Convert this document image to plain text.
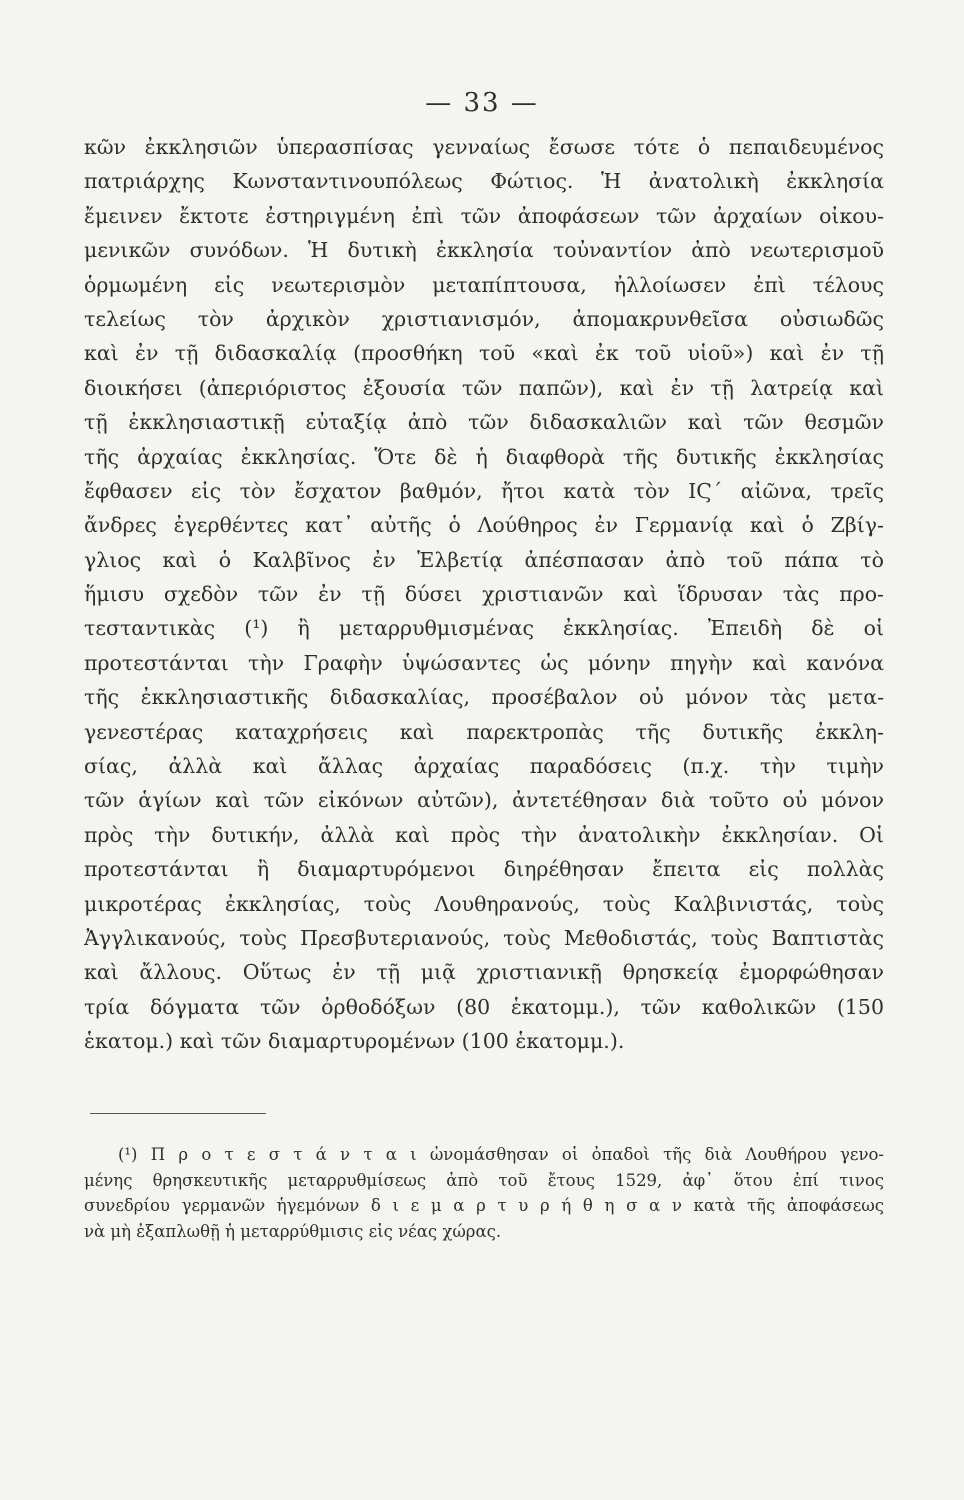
— 33 —
κῶν ἐκκλησιῶν ὑπερασπίσας γενναίως ἔσωσε τότε ὁ πεπαιδευμένος
πατριάρχης Κωνσταντινουπόλεως Φώτιος. Ἡ ἀνατολικὴ ἐκκλησία
ἔμεινεν ἔκτοτε ἐστηριγμένη ἐπὶ τῶν ἀποφάσεων τῶν ἀρχαίων οἰκου-
μενικῶν συνόδων. Ἡ δυτικὴ ἐκκλησία τοὐναντίον ἀπὸ νεωτερισμοῦ
ὁρμωμένη εἰς νεωτερισμὸν μεταπίπτουσα, ἠλλοίωσεν ἐπὶ τέλους
τελείως τὸν ἀρχικὸν χριστιανισμόν, ἀπομακρυνθεῖσα οὐσιωδῶς
καὶ ἐν τῇ διδασκαλίᾳ (προσθήκη τοῦ «καὶ ἐκ τοῦ υἱοῦ») καὶ ἐν τῇ
διοικήσει (ἀπεριόριστος ἐξουσία τῶν παπῶν), καὶ ἐν τῇ λατρείᾳ καὶ
τῇ ἐκκλησιαστικῇ εὐταξίᾳ ἀπὸ τῶν διδασκαλιῶν καὶ τῶν θεσμῶν
τῆς ἀρχαίας ἐκκλησίας. Ὅτε δὲ ἡ διαφθορὰ τῆς δυτικῆς ἐκκλησίας
ἔφθασεν εἰς τὸν ἔσχατον βαθμόν, ἤτοι κατὰ τὸν ΙϚ΄ αἰῶνα, τρεῖς
ἄνδρες ἐγερθέντες κατ᾿ αὐτῆς ὁ Λούθηρος ἐν Γερμανίᾳ καὶ ὁ Ζβίγ-
γλιος καὶ ὁ Καλβῖνος ἐν Ἑλβετίᾳ ἀπέσπασαν ἀπὸ τοῦ πάπα τὸ
ἥμισυ σχεδὸν τῶν ἐν τῇ δύσει χριστιανῶν καὶ ἵδρυσαν τὰς προ-
τεσταντικὰς (¹) ἢ μεταρρυθμισμένας ἐκκλησίας. Ἐπειδὴ δὲ οἱ
προτεστάνται τὴν Γραφὴν ὑψώσαντες ὡς μόνην πηγὴν καὶ κανόνα
τῆς ἐκκλησιαστικῆς διδασκαλίας, προσέβαλον οὐ μόνον τὰς μετα-
γενεστέρας καταχρήσεις καὶ παρεκτροπὰς τῆς δυτικῆς ἐκκλη-
σίας, ἀλλὰ καὶ ἄλλας ἀρχαίας παραδόσεις (π.χ. τὴν τιμὴν
τῶν ἁγίων καὶ τῶν εἰκόνων αὐτῶν), ἀντετέθησαν διὰ τοῦτο οὐ μόνον
πρὸς τὴν δυτικήν, ἀλλὰ καὶ πρὸς τὴν ἀνατολικὴν ἐκκλησίαν. Οἱ
προτεστάνται ἢ διαμαρτυρόμενοι διηρέθησαν ἔπειτα εἰς πολλὰς
μικροτέρας ἐκκλησίας, τοὺς Λουθηρανούς, τοὺς Καλβινιστάς, τοὺς
Ἀγγλικανούς, τοὺς Πρεσβυτεριανούς, τοὺς Μεθοδιστάς, τοὺς Βαπτιστὰς
καὶ ἄλλους. Οὕτως ἐν τῇ μιᾷ χριστιανικῇ θρησκείᾳ ἐμορφώθησαν
τρία δόγματα τῶν ὀρθοδόξων (80 ἑκατομμ.), τῶν καθολικῶν (150
ἑκατομ.) καὶ τῶν διαμαρτυρομένων (100 ἑκατομμ.).
(¹) Π ρ ο τ ε σ τ ά ν τ α ι ὠνομάσθησαν οἱ ὀπαδοὶ τῆς διὰ Λουθήρου γενο-
μένης θρησκευτικῆς μεταρρυθμίσεως ἀπὸ τοῦ ἔτους 1529, ἀφ᾿ ὅτου ἐπί τινος
συνεδρίου γερμανῶν ἡγεμόνων δ ι ε μ α ρ τ υ ρ ή θ η σ α ν κατὰ τῆς ἀποφάσεως
νὰ μὴ ἐξαπλωθῇ ἡ μεταρρύθμισις εἰς νέας χώρας.
